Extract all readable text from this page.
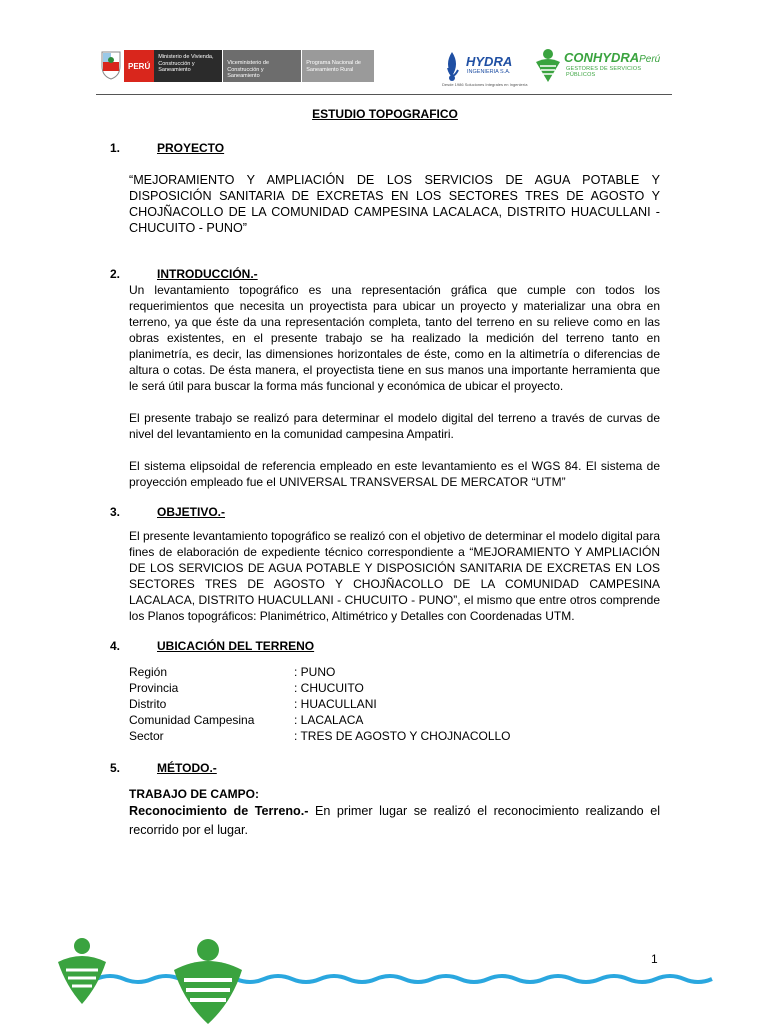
PERÚ
Ministerio de Vivienda, Construcción y Saneamiento
Viceministerio de Construcción y Saneamiento
Programa Nacional de Saneamiento Rural
HYDRA
INGENIERIA S.A.
Desde 1986 Soluciones Integrales en Ingeniería
CONHYDRAPerú
GESTORES DE SERVICIOS PÚBLICOS

ESTUDIO TOPOGRAFICO

1.	PROYECTO

“MEJORAMIENTO Y AMPLIACIÓN DE LOS SERVICIOS DE AGUA POTABLE Y DISPOSICIÓN SANITARIA DE EXCRETAS EN LOS SECTORES TRES DE AGOSTO Y CHOJÑACOLLO DE LA COMUNIDAD CAMPESINA LACALACA, DISTRITO HUACULLANI - CHUCUITO - PUNO”

2.	INTRODUCCIÓN.-

Un levantamiento topográfico es una representación gráfica que cumple con todos los requerimientos que necesita un proyectista para ubicar un proyecto y materializar una obra en terreno, ya que éste da una representación completa, tanto del terreno en su relieve como en las obras existentes, en el presente trabajo se ha realizado la medición del terreno tanto en planimetría, es decir, las dimensiones horizontales de éste, como en la altimetría o diferencias de altura o cotas. De ésta manera, el proyectista tiene en sus manos una importante herramienta que le será útil para buscar la forma más funcional y económica de ubicar el proyecto.

El presente trabajo se realizó para determinar el modelo digital del terreno a través de curvas de nivel del levantamiento en la comunidad campesina Ampatiri.

El sistema elipsoidal de referencia empleado en este levantamiento es el WGS 84. El sistema de proyección empleado fue el UNIVERSAL TRANSVERSAL DE MERCATOR “UTM”

3.	OBJETIVO.-

El presente levantamiento topográfico se realizó con el objetivo de determinar el modelo digital para fines de elaboración de expediente técnico correspondiente a “MEJORAMIENTO Y AMPLIACIÓN DE LOS SERVICIOS DE AGUA POTABLE Y DISPOSICIÓN SANITARIA DE EXCRETAS EN LOS SECTORES TRES DE AGOSTO Y CHOJÑACOLLO DE LA COMUNIDAD CAMPESINA LACALACA, DISTRITO HUACULLANI - CHUCUITO - PUNO”, el mismo que entre otros comprende los Planos topográficos: Planimétrico, Altimétrico y Detalles con Coordenadas UTM.

4.	UBICACIÓN DEL TERRENO
Región	: PUNO
Provincia	: CHUCUITO
Distrito	: HUACULLANI
Comunidad Campesina	: LACALACA
Sector	: TRES DE AGOSTO Y CHOJNACOLLO
5.	MÉTODO.-

TRABAJO DE CAMPO:

Reconocimiento de Terreno.- En primer lugar se realizó el reconocimiento realizando el recorrido por el lugar.

1
